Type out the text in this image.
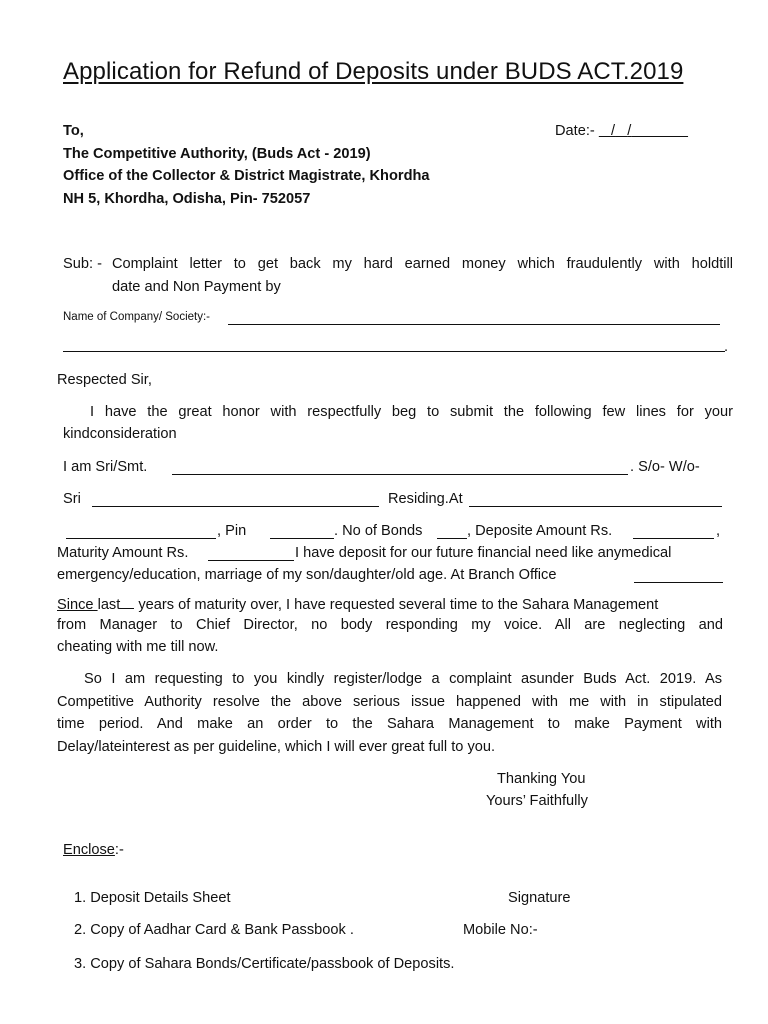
Application for Refund of Deposits under BUDS ACT.2019
To,
The Competitive Authority, (Buds Act - 2019)
Office of the Collector & District Magistrate, Khordha
NH 5, Khordha, Odisha, Pin- 752057
Date:- / /
Sub: - Complaint letter to get back my hard earned money which fraudulently with holdtill
date and Non Payment by
Name of Company/ Society:-
.
Respected Sir,
I have the great honor with respectfully beg to submit the following few lines for your
kindconsideration
I am Sri/Smt.	. S/o- W/o-
Sri	Residing.At
, Pin	. No of Bonds	, Deposite Amount Rs.	,
Maturity Amount Rs.	I have deposit for our future financial need like anymedical
emergency/education, marriage of my son/daughter/old age. At Branch Office
Since last years of maturity over, I have requested several time to the Sahara Management
from Manager to Chief Director, no body responding my voice. All are neglecting and
cheating with me till now.
So I am requesting to you kindly register/lodge a complaint asunder Buds Act. 2019. As
Competitive Authority resolve the above serious issue happened with me with in stipulated
time period. And make an order to the Sahara Management to make Payment with
Delay/lateinterest as per guideline, which I will ever great full to you.
Thanking You
Yours’ Faithfully
Enclose:-
1. Deposit Details Sheet
2. Copy of Aadhar Card & Bank Passbook .
3. Copy of Sahara Bonds/Certificate/passbook of Deposits.
Signature
Mobile No:-
